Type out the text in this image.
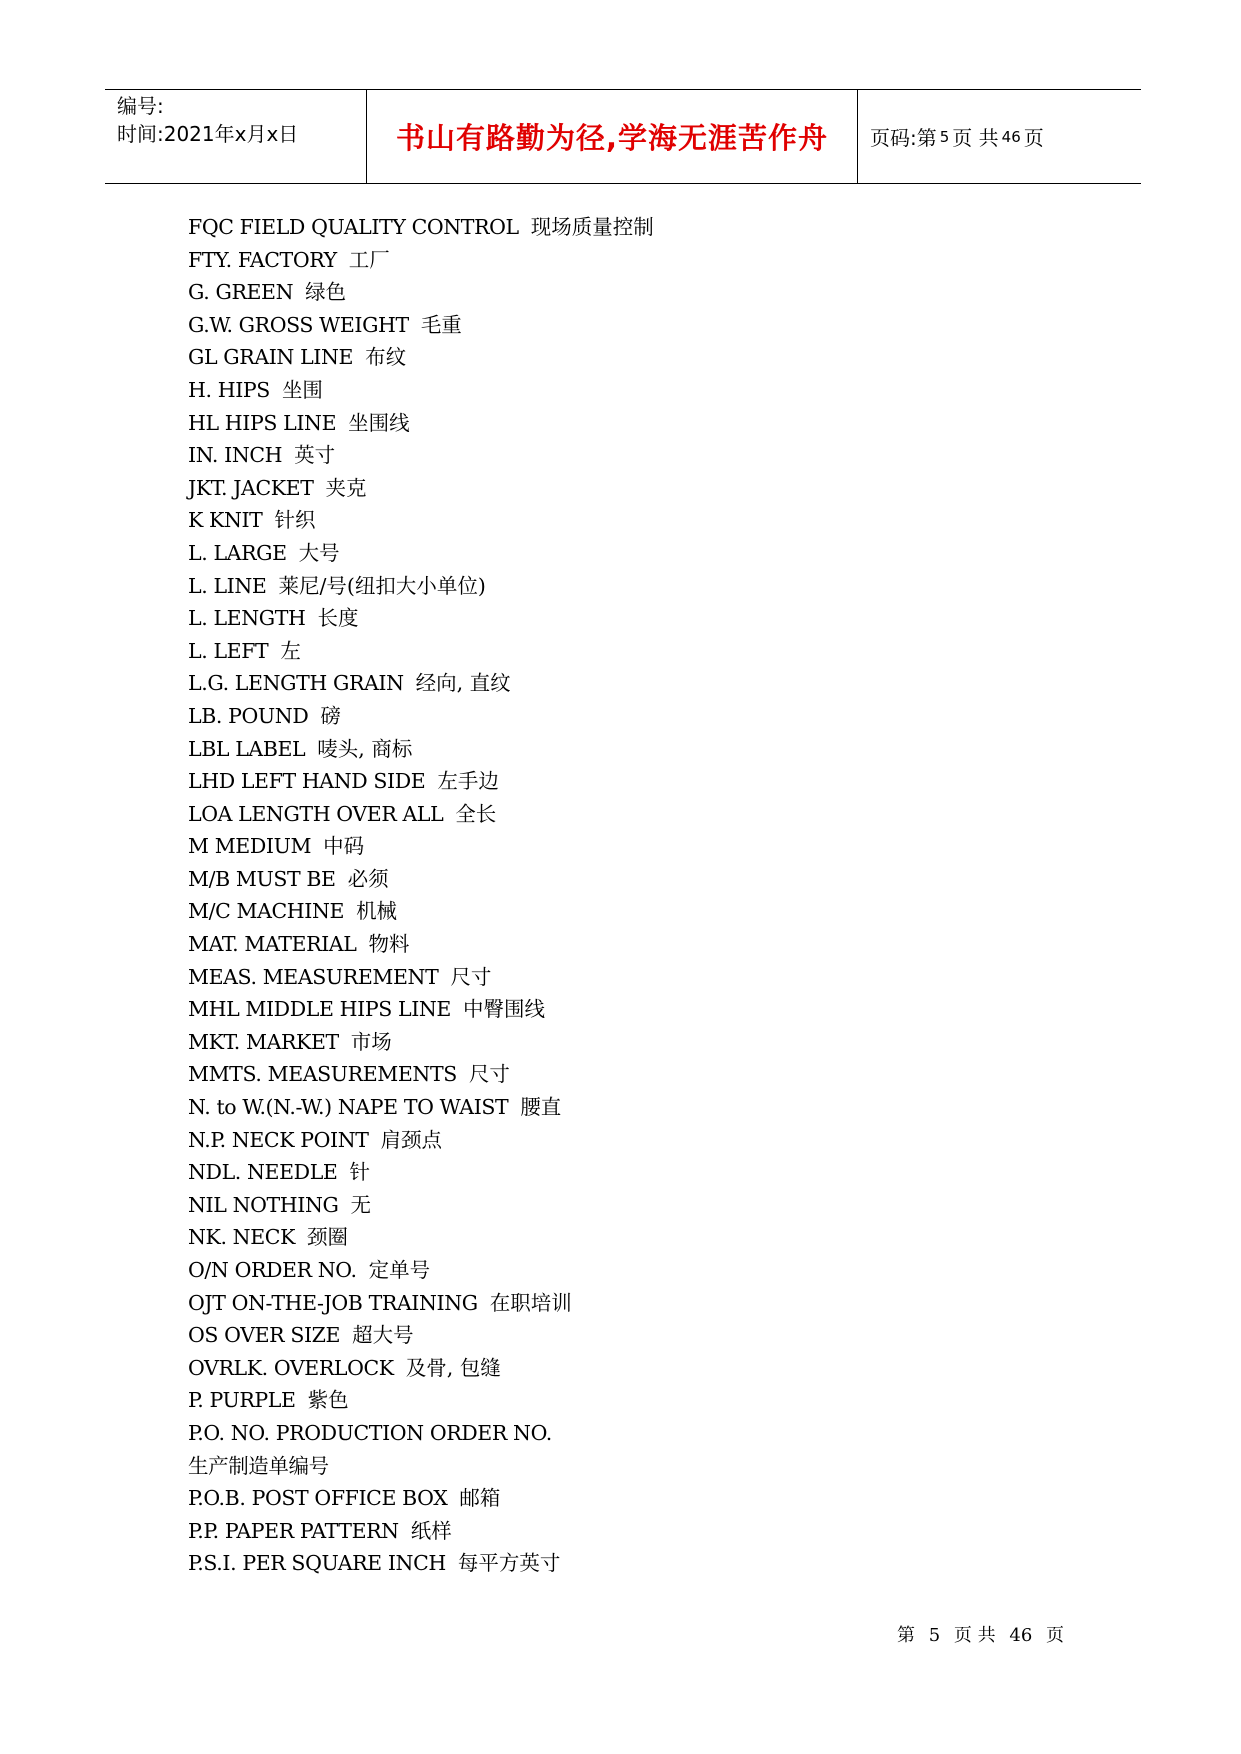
编号:
时间:2021年x月x日	书山有路勤为径,学海无涯苦作舟	页码:第 5 页 共 46 页
FQC FIELD QUALITY CONTROL 现场质量控制
FTY. FACTORY 工厂
G. GREEN 绿色
G.W. GROSS WEIGHT 毛重
GL GRAIN LINE 布纹
H. HIPS 坐围
HL HIPS LINE 坐围线
IN. INCH 英寸
JKT. JACKET 夹克
K KNIT 针织
L. LARGE 大号
L. LINE 莱尼/号(纽扣大小单位)
L. LENGTH 长度
L. LEFT 左
L.G. LENGTH GRAIN 经向, 直纹
LB. POUND 磅
LBL LABEL 唛头, 商标
LHD LEFT HAND SIDE 左手边
LOA LENGTH OVER ALL 全长
M MEDIUM 中码
M/B MUST BE 必须
M/C MACHINE 机械
MAT. MATERIAL 物料
MEAS. MEASUREMENT 尺寸
MHL MIDDLE HIPS LINE 中臀围线
MKT. MARKET 市场
MMTS. MEASUREMENTS 尺寸
N. to W.(N.-W.) NAPE TO WAIST 腰直
N.P. NECK POINT 肩颈点
NDL. NEEDLE 针
NIL NOTHING 无
NK. NECK 颈圈
O/N ORDER NO. 定单号
OJT ON-THE-JOB TRAINING 在职培训
OS OVER SIZE 超大号
OVRLK. OVERLOCK 及骨, 包缝
P. PURPLE 紫色
P.O. NO. PRODUCTION ORDER NO.
生产制造单编号
P.O.B. POST OFFICE BOX 邮箱
P.P. PAPER PATTERN 纸样
P.S.I. PER SQUARE INCH 每平方英寸
第 5 页 共 46 页
